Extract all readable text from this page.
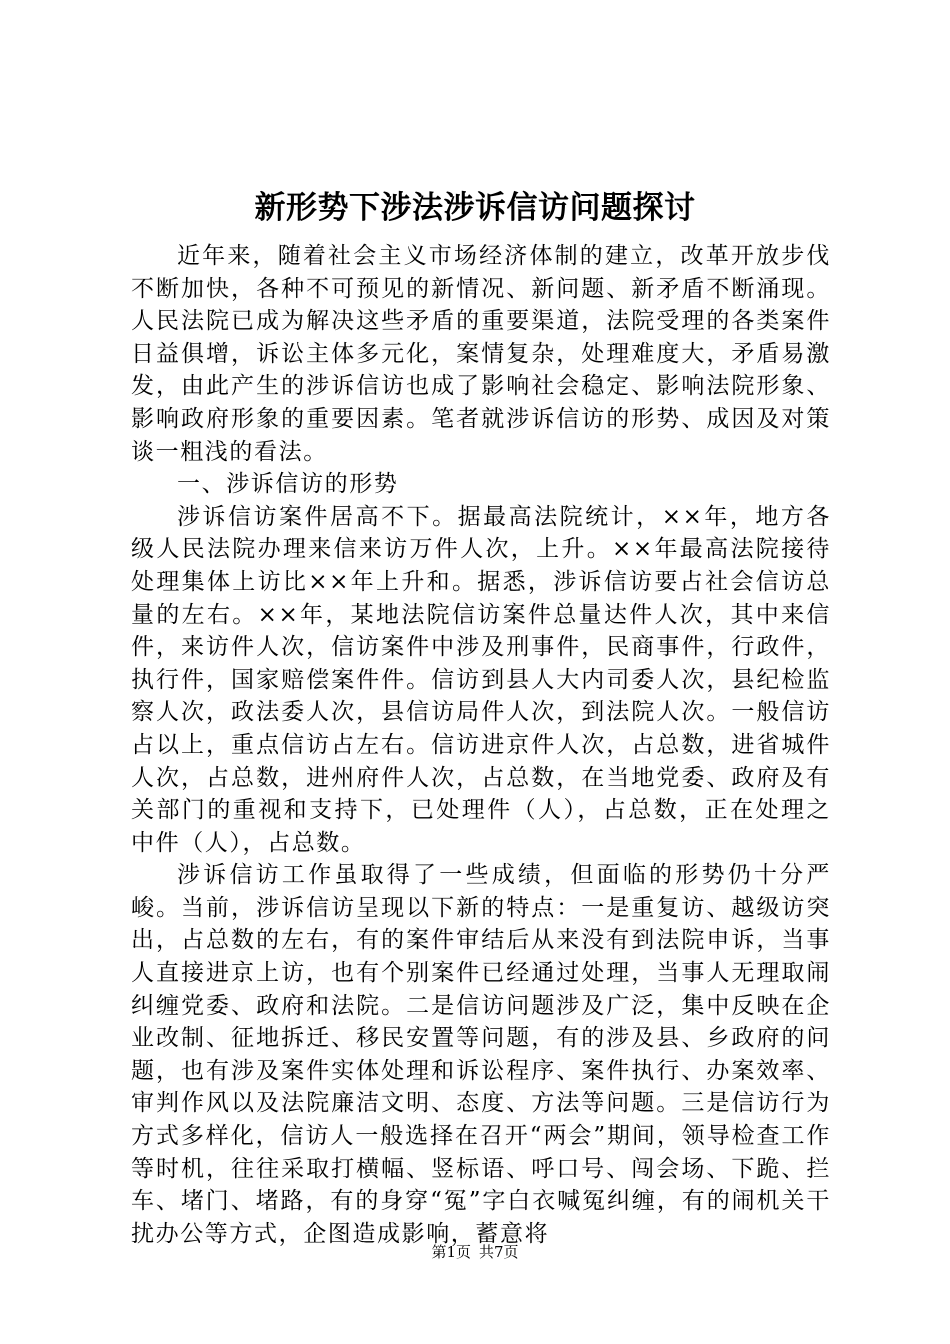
新形势下涉法涉诉信访问题探讨

近年来，随着社会主义市场经济体制的建立，改革开放步伐不断加快，各种不可预见的新情况、新问题、新矛盾不断涌现。人民法院已成为解决这些矛盾的重要渠道，法院受理的各类案件日益俱增，诉讼主体多元化，案情复杂，处理难度大，矛盾易激发，由此产生的涉诉信访也成了影响社会稳定、影响法院形象、影响政府形象的重要因素。笔者就涉诉信访的形势、成因及对策谈一粗浅的看法。

一、涉诉信访的形势

涉诉信访案件居高不下。据最高法院统计，××年，地方各级人民法院办理来信来访万件人次，上升。××年最高法院接待处理集体上访比××年上升和。据悉，涉诉信访要占社会信访总量的左右。××年，某地法院信访案件总量达件人次，其中来信件，来访件人次，信访案件中涉及刑事件，民商事件，行政件，执行件，国家赔偿案件件。信访到县人大内司委人次，县纪检监察人次，政法委人次，县信访局件人次，到法院人次。一般信访占以上，重点信访占左右。信访进京件人次，占总数，进省城件人次，占总数，进州府件人次，占总数，在当地党委、政府及有关部门的重视和支持下，已处理件（人），占总数，正在处理之中件（人），占总数。

涉诉信访工作虽取得了一些成绩，但面临的形势仍十分严峻。当前，涉诉信访呈现以下新的特点：一是重复访、越级访突出，占总数的左右，有的案件审结后从来没有到法院申诉，当事人直接进京上访，也有个别案件已经通过处理，当事人无理取闹纠缠党委、政府和法院。二是信访问题涉及广泛，集中反映在企业改制、征地拆迁、移民安置等问题，有的涉及县、乡政府的问题，也有涉及案件实体处理和诉讼程序、案件执行、办案效率、审判作风以及法院廉洁文明、态度、方法等问题。三是信访行为方式多样化，信访人一般选择在召开“两会”期间，领导检查工作等时机，往往采取打横幅、竖标语、呼口号、闯会场、下跪、拦车、堵门、堵路，有的身穿“冤”字白衣喊冤纠缠，有的闹机关干扰办公等方式，企图造成影响，蓄意将

第1页 共7页
